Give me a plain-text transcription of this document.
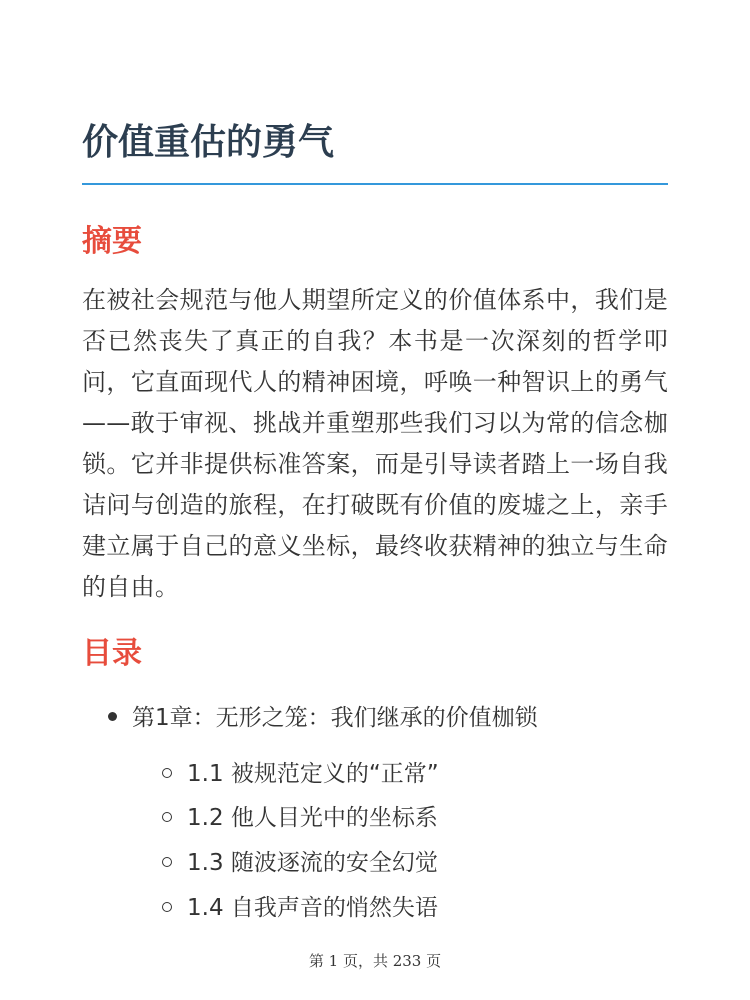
价值重估的勇气
摘要

在被社会规范与他人期望所定义的价值体系中，我们是否已然丧失了真正的自我？本书是一次深刻的哲学叩问，它直面现代人的精神困境，呼唤一种智识上的勇气——敢于审视、挑战并重塑那些我们习以为常的信念枷锁。它并非提供标准答案，而是引导读者踏上一场自我诘问与创造的旅程，在打破既有价值的废墟之上，亲手建立属于自己的意义坐标，最终收获精神的独立与生命的自由。

目录
第1章：无形之笼：我们继承的价值枷锁
1.1 被规范定义的“正常”
1.2 他人目光中的坐标系
1.3 随波逐流的安全幻觉
1.4 自我声音的悄然失语
第 1 页，共 233 页
